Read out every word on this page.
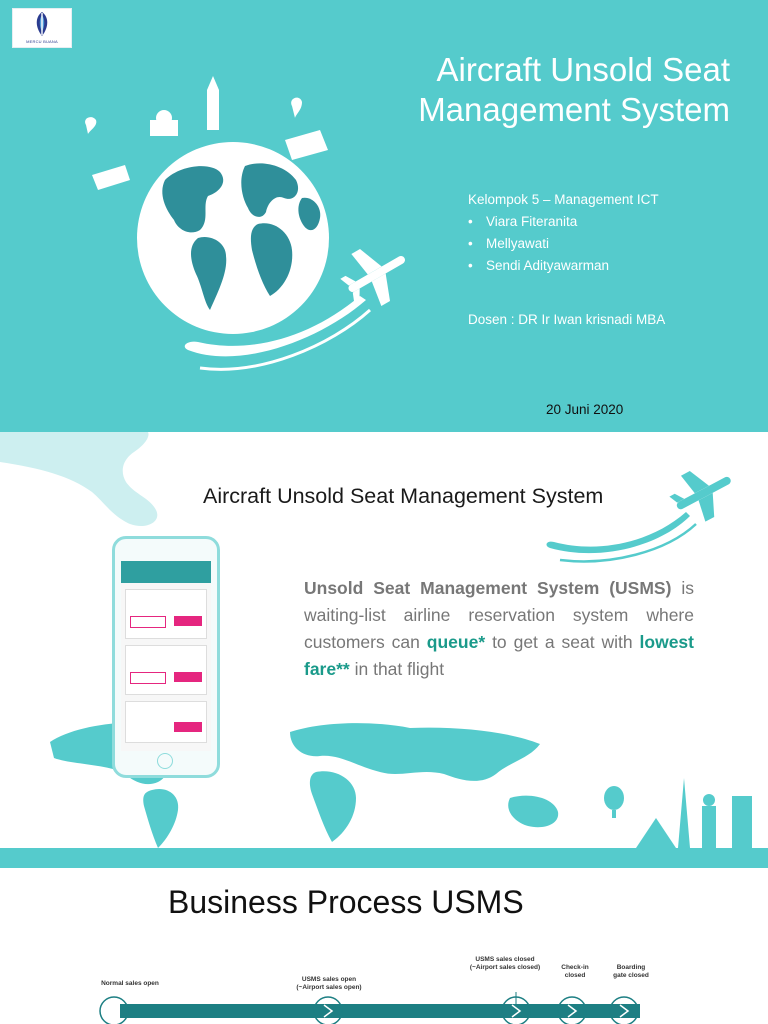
MERCU BUANA
Aircraft Unsold Seat Management System
Kelompok 5 – Management ICT
• Viara Fiteranita
• Mellyawati
• Sendi Adityawarman
Dosen : DR Ir Iwan krisnadi MBA
20 Juni 2020
Aircraft Unsold Seat Management System
Unsold Seat Management System (USMS) is waiting-list airline reservation system where customers can queue* to get a seat with lowest fare** in that flight
Business Process USMS
Normal sales open
USMS sales open
(~Airport sales open)
USMS sales closed
(~Airport sales closed)	Check-in
closed
Boarding
gate closed
